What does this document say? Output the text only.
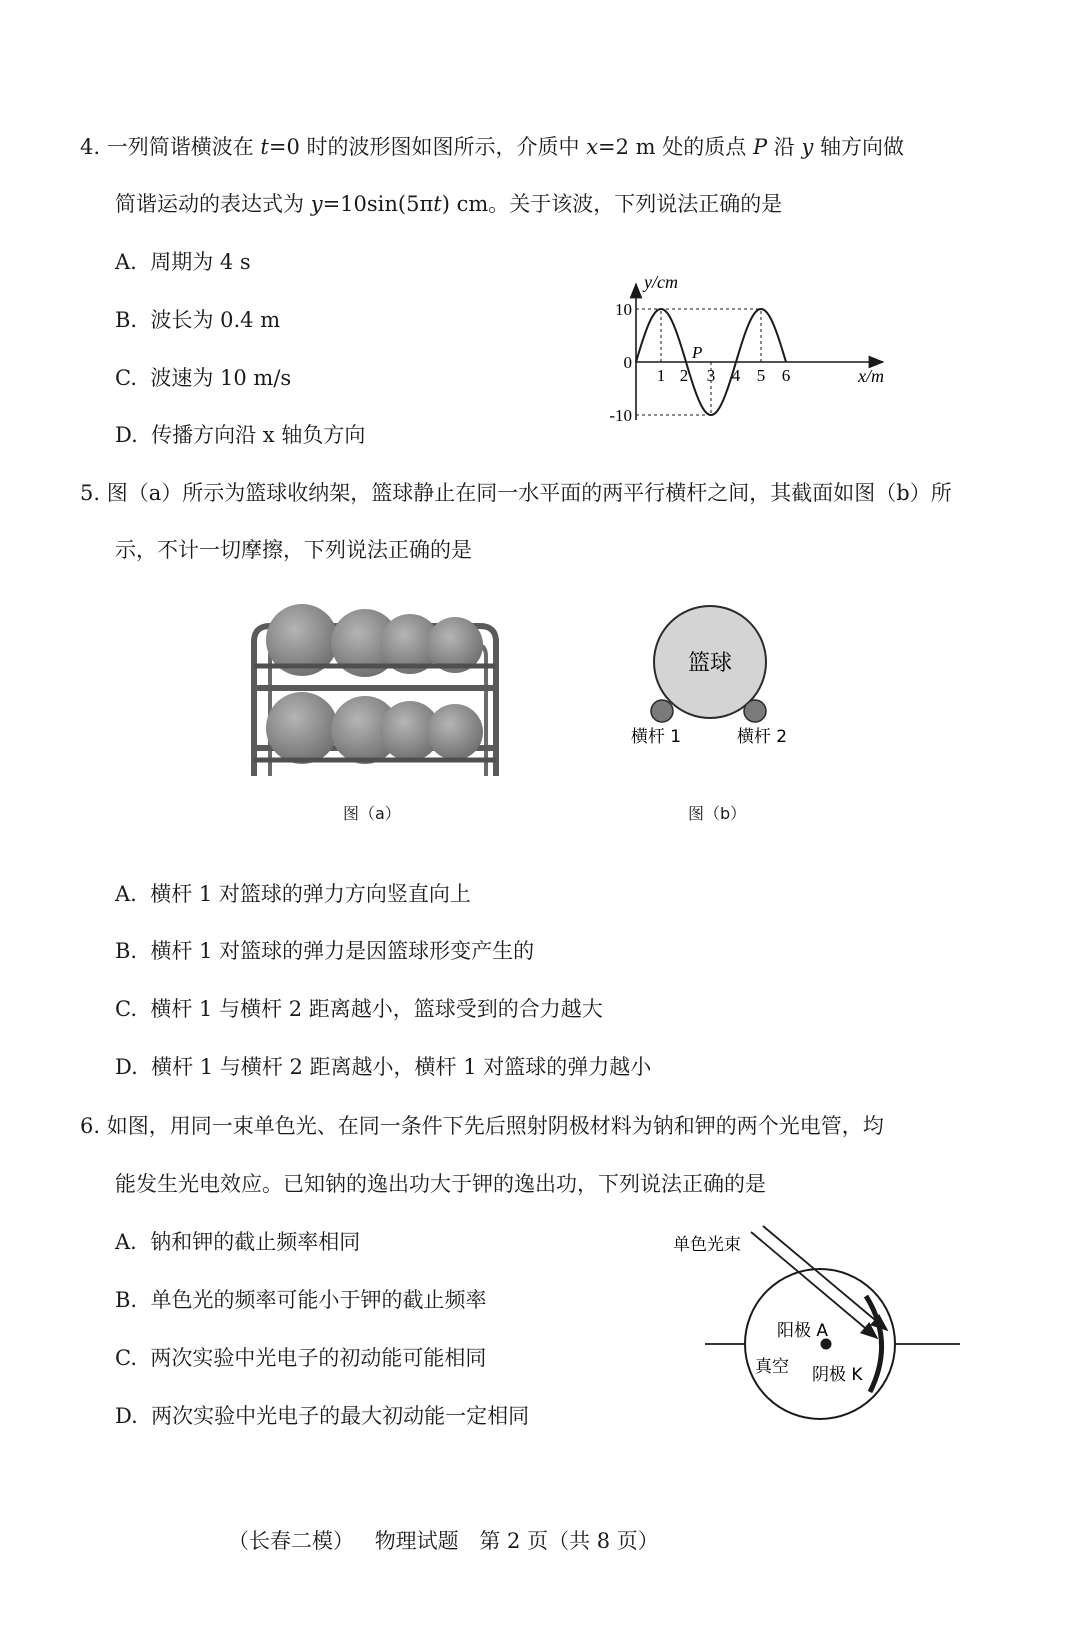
4. 一列简谐横波在 t=0 时的波形图如图所示，介质中 x=2 m 处的质点 P 沿 y 轴方向做
简谐运动的表达式为 y=10sin(5πt) cm。关于该波，下列说法正确的是
A. 周期为 4 s
B. 波长为 0.4 m
C. 波速为 10 m/s
D. 传播方向沿 x 轴负方向
1 2 3 4 5 6
10
0
-10
y/cm
x/m
P
5. 图（a）所示为篮球收纳架，篮球静止在同一水平面的两平行横杆之间，其截面如图（b）所
示，不计一切摩擦，下列说法正确的是
图（a）
篮球
横杆 1	横杆 2
图（b）
A. 横杆 1 对篮球的弹力方向竖直向上
B. 横杆 1 对篮球的弹力是因篮球形变产生的
C. 横杆 1 与横杆 2 距离越小，篮球受到的合力越大
D. 横杆 1 与横杆 2 距离越小，横杆 1 对篮球的弹力越小
6. 如图，用同一束单色光、在同一条件下先后照射阴极材料为钠和钾的两个光电管，均
能发生光电效应。已知钠的逸出功大于钾的逸出功，下列说法正确的是
A. 钠和钾的截止频率相同
B. 单色光的频率可能小于钾的截止频率
C. 两次实验中光电子的初动能可能相同
D. 两次实验中光电子的最大初动能一定相同
单色光束
阳极 A
真空 阴极 K
（长春二模） 物理试题 第 2 页（共 8 页）
